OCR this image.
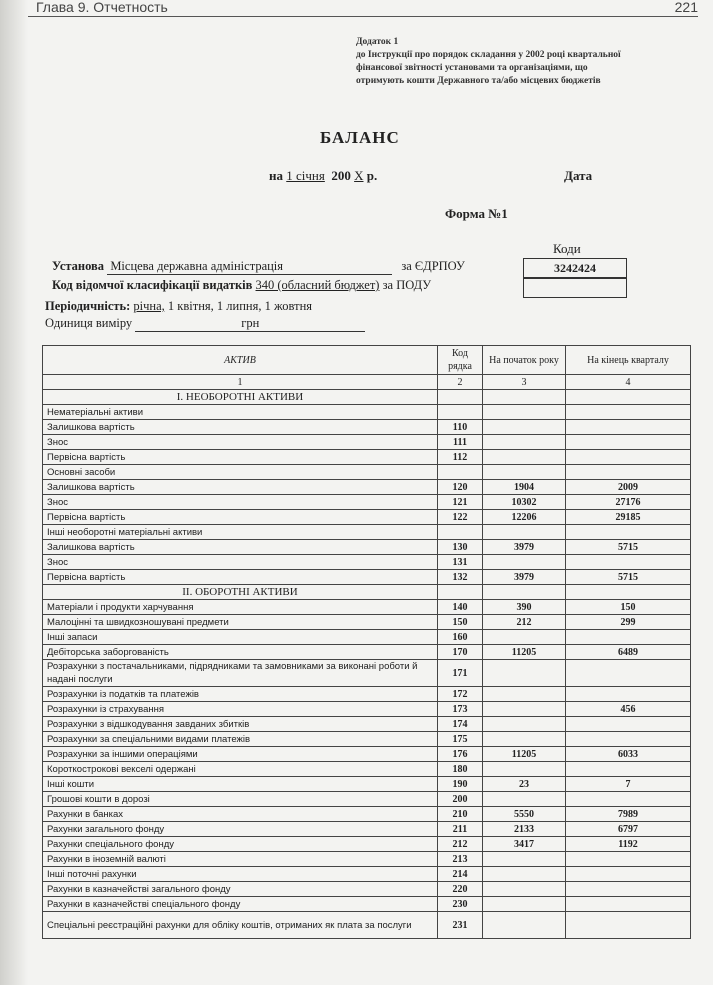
Глава 9. Отчетность	221
Додаток 1
до Інструкції про порядок складання у 2002 році квартальної
фінансової звітності установами та організаціями, що
отримують кошти Державного та/або місцевих бюджетів
БАЛАНС
на 1 січня 200 X р.	Дата
Форма №1
Коди
3242424
Установа Місцева державна адміністрація	за ЄДРПОУ
Код відомчої класифікації видатків 340 (обласний бюджет) за ПОДУ
Періодичність: річна, 1 квітня, 1 липня, 1 жовтня
Одиниця виміру	грн
АКТИВ	Код рядка	На початок року	На кінець кварталу
1	2	3	4
І. НЕОБОРОТНІ АКТИВИ			
Нематеріальні активи			
Залишкова вартість	110		
Знос	111		
Первісна вартість	112		
Основні засоби			
Залишкова вартість	120	1904	2009
Знос	121	10302	27176
Первісна вартість	122	12206	29185
Інші необоротні матеріальні активи			
Залишкова вартість	130	3979	5715
Знос	131		
Первісна вартість	132	3979	5715
ІІ. ОБОРОТНІ АКТИВИ			
Матеріали і продукти харчування	140	390	150
Малоцінні та швидкозношувані предмети	150	212	299
Інші запаси	160		
Дебіторська заборгованість	170	11205	6489
Розрахунки з постачальниками, підрядниками та замовниками за виконані роботи й надані послуги	171		
Розрахунки із податків та платежів	172		
Розрахунки із страхування	173		456
Розрахунки з відшкодування завданих збитків	174		
Розрахунки за спеціальними видами платежів	175		
Розрахунки за іншими операціями	176	11205	6033
Короткострокові векселі одержані	180		
Інші кошти	190	23	7
Грошові кошти в дорозі	200		
Рахунки в банках	210	5550	7989
Рахунки загального фонду	211	2133	6797
Рахунки спеціального фонду	212	3417	1192
Рахунки в іноземній валюті	213		
Інші поточні рахунки	214		
Рахунки в казначействі загального фонду	220		
Рахунки в казначействі спеціального фонду	230		
Спеціальні реєстраційні рахунки для обліку коштів, отриманих як плата за послуги	231		
